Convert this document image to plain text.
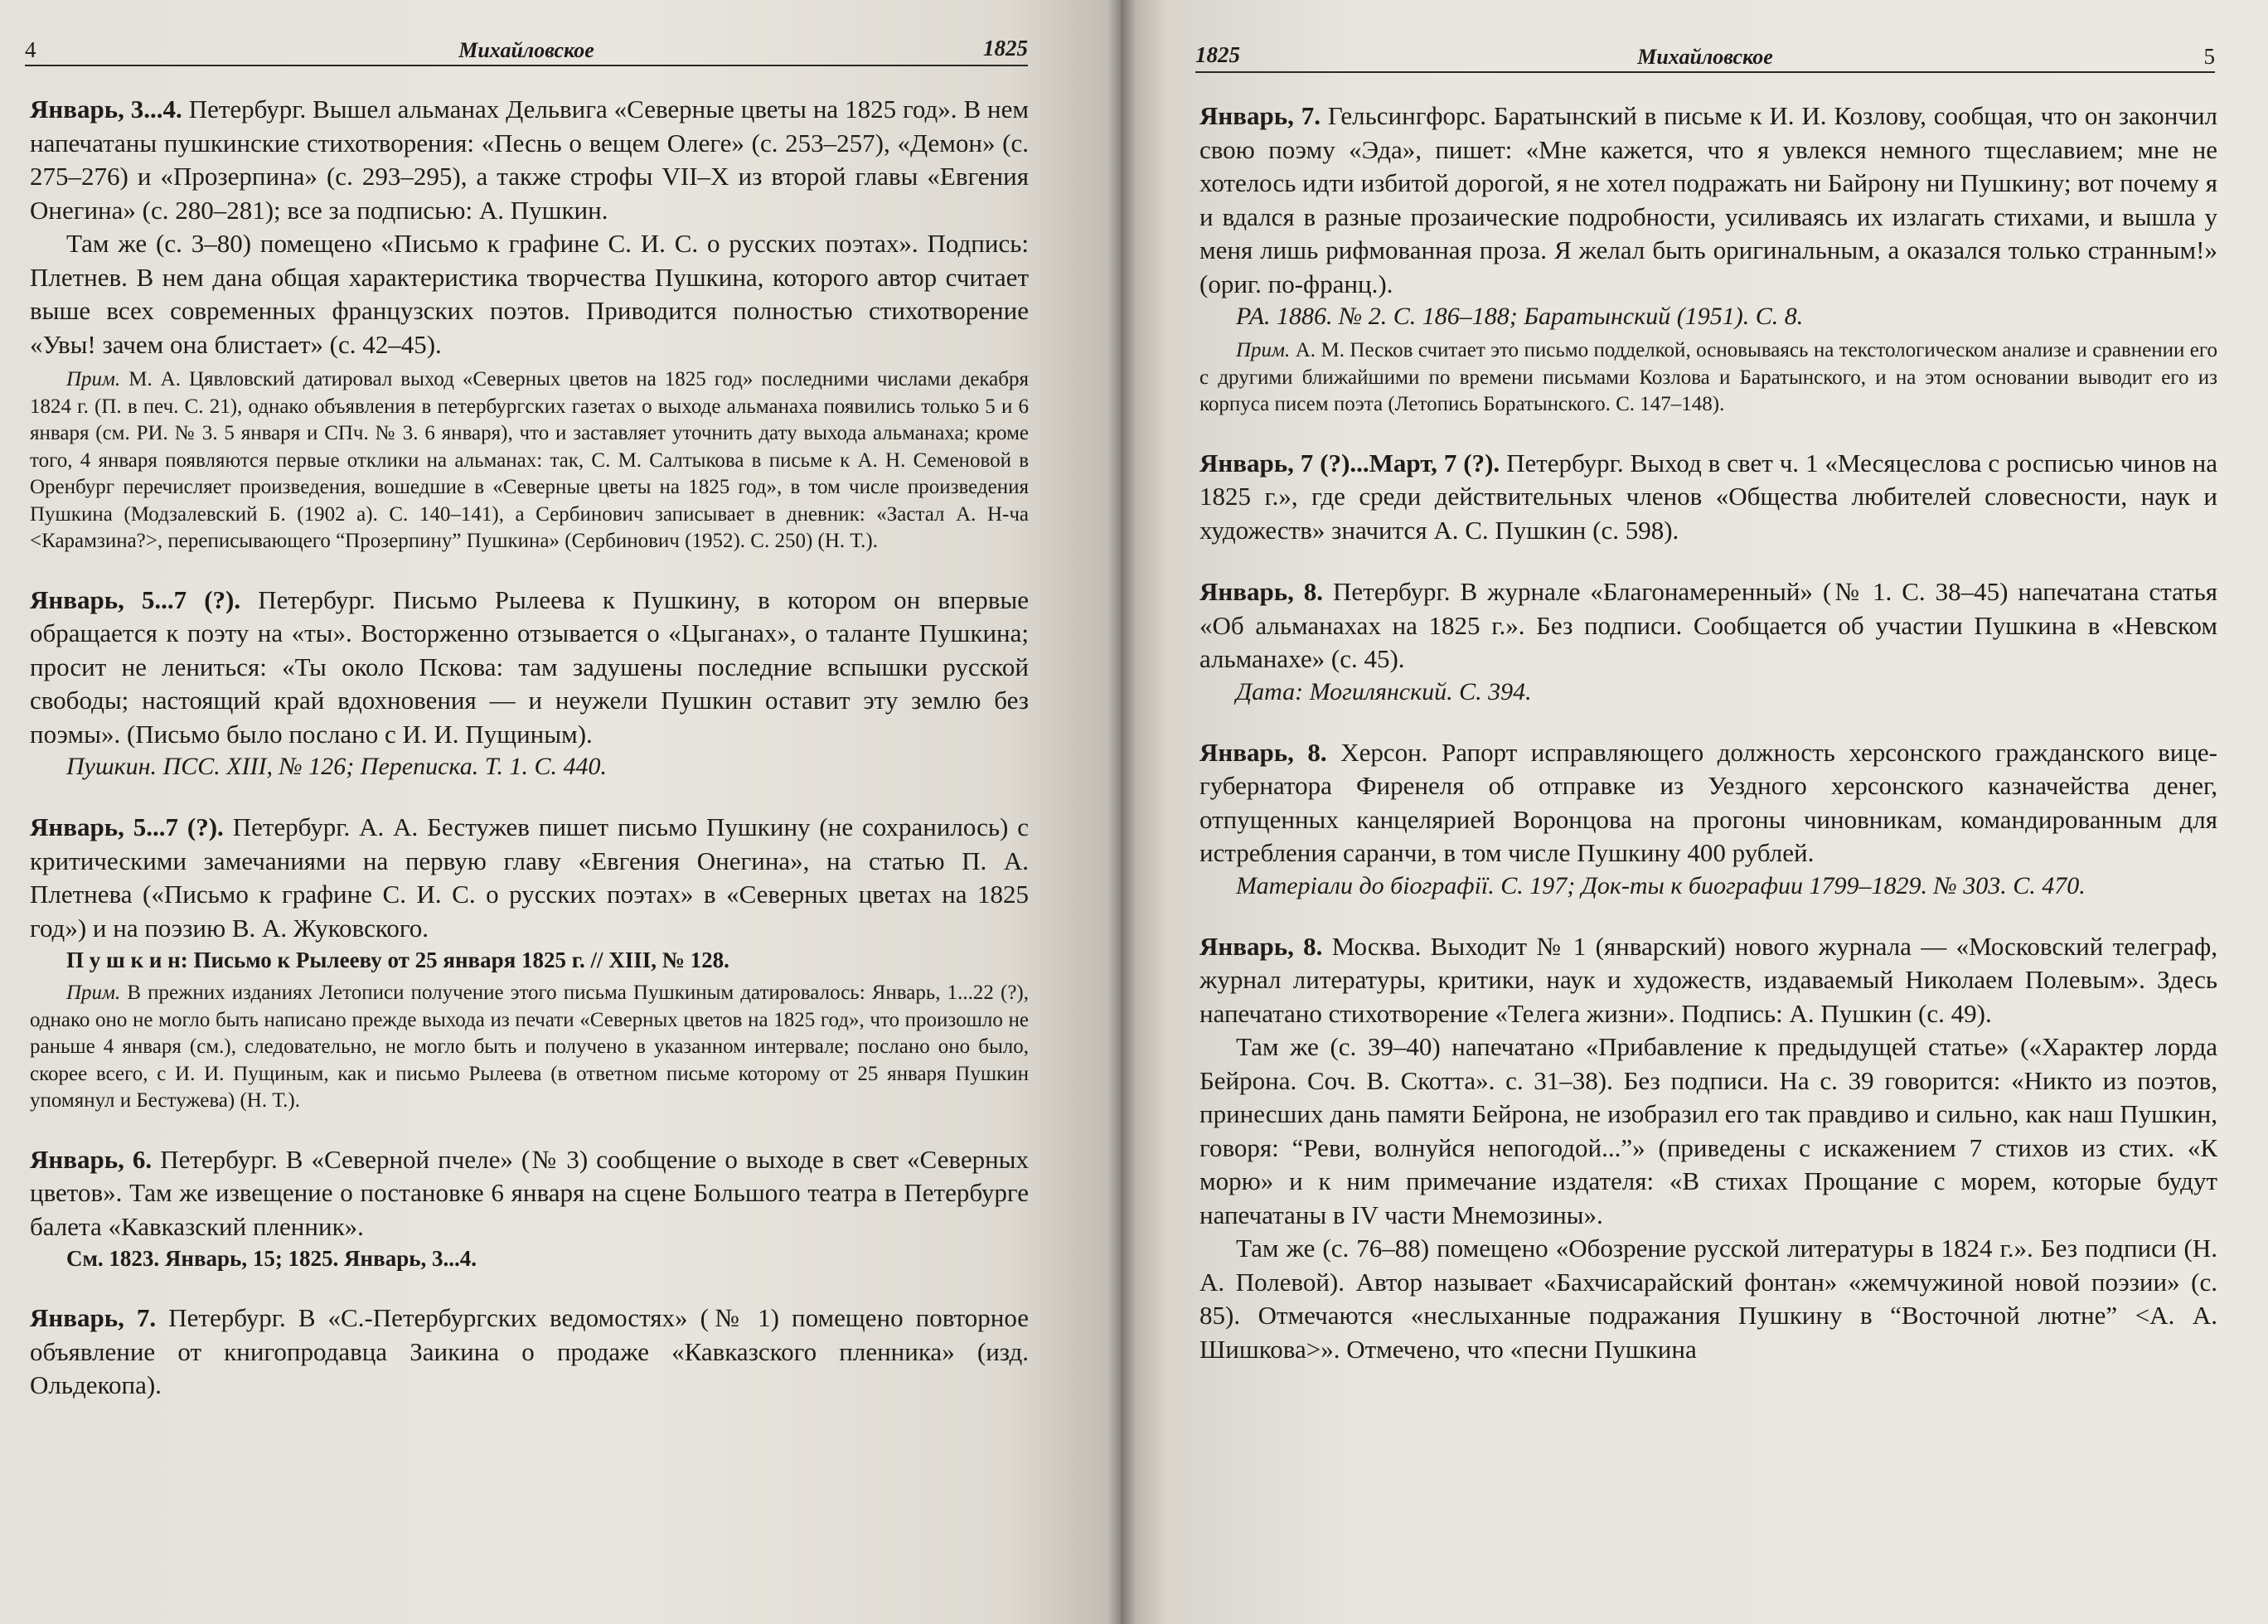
4	Михайловское	1825

Январь, 3...4. Петербург. Вышел альманах Дельвига «Северные цветы на 1825 год». В нем напечатаны пушкинские стихотворения: «Песнь о вещем Олеге» (с. 253–257), «Демон» (с. 275–276) и «Прозерпина» (с. 293–295), а также строфы VII–X из второй главы «Евгения Онегина» (с. 280–281); все за подписью: А. Пушкин.

Там же (с. 3–80) помещено «Письмо к графине С. И. С. о русских поэтах». Подпись: Плетнев. В нем дана общая характеристика творчества Пушкина, которого автор считает выше всех современных французских поэтов. Приводится полностью стихотворение «Увы! зачем она блистает» (с. 42–45).

Прим. М. А. Цявловский датировал выход «Северных цветов на 1825 год» последними числами декабря 1824 г. (П. в печ. С. 21), однако объявления в петербургских газетах о выходе альманаха появились только 5 и 6 января (см. РИ. № 3. 5 января и СПч. № 3. 6 января), что и заставляет уточнить дату выхода альманаха; кроме того, 4 января появляются первые отклики на альманах: так, С. М. Салтыкова в письме к А. Н. Семеновой в Оренбург перечисляет произведения, вошедшие в «Северные цветы на 1825 год», в том числе произведения Пушкина (Модзалевский Б. (1902 а). С. 140–141), а Сербинович записывает в дневник: «Застал А. Н-ча <Карамзина?>, переписывающего “Прозерпину” Пушкина» (Сербинович (1952). С. 250) (Н. Т.).

Январь, 5...7 (?). Петербург. Письмо Рылеева к Пушкину, в котором он впервые обращается к поэту на «ты». Восторженно отзывается о «Цыганах», о таланте Пушкина; просит не лениться: «Ты около Пскова: там задушены последние вспышки русской свободы; настоящий край вдохновения — и неужели Пушкин оставит эту землю без поэмы». (Письмо было послано с И. И. Пущиным).

Пушкин. ПСС. XIII, № 126; Переписка. Т. 1. С. 440.

Январь, 5...7 (?). Петербург. А. А. Бестужев пишет письмо Пушкину (не сохранилось) с критическими замечаниями на первую главу «Евгения Онегина», на статью П. А. Плетнева («Письмо к графине С. И. С. о русских поэтах» в «Северных цветах на 1825 год») и на поэзию В. А. Жуковского.

П у ш к и н: Письмо к Рылееву от 25 января 1825 г. // XIII, № 128.

Прим. В прежних изданиях Летописи получение этого письма Пушкиным датировалось: Январь, 1...22 (?), однако оно не могло быть написано прежде выхода из печати «Северных цветов на 1825 год», что произошло не раньше 4 января (см.), следовательно, не могло быть и получено в указанном интервале; послано оно было, скорее всего, с И. И. Пущиным, как и письмо Рылеева (в ответном письме которому от 25 января Пушкин упомянул и Бестужева) (Н. Т.).

Январь, 6. Петербург. В «Северной пчеле» (№ 3) сообщение о выходе в свет «Северных цветов». Там же извещение о постановке 6 января на сцене Большого театра в Петербурге балета «Кавказский пленник».

См. 1823. Январь, 15; 1825. Январь, 3...4.

Январь, 7. Петербург. В «С.-Петербургских ведомостях» (№ 1) помещено повторное объявление от книгопродавца Заикина о продаже «Кавказского пленника» (изд. Ольдекопа).

1825	Михайловское	5

Январь, 7. Гельсингфорс. Баратынский в письме к И. И. Козлову, сообщая, что он закончил свою поэму «Эда», пишет: «Мне кажется, что я увлекся немного тщеславием; мне не хотелось идти избитой дорогой, я не хотел подражать ни Байрону ни Пушкину; вот почему я и вдался в разные прозаические подробности, усиливаясь их излагать стихами, и вышла у меня лишь рифмованная проза. Я желал быть оригинальным, а оказался только странным!» (ориг. по-франц.).

РА. 1886. № 2. С. 186–188; Баратынский (1951). С. 8.

Прим. А. М. Песков считает это письмо подделкой, основываясь на текстологическом анализе и сравнении его с другими ближайшими по времени письмами Козлова и Баратынского, и на этом основании выводит его из корпуса писем поэта (Летопись Боратынского. С. 147–148).

Январь, 7 (?)...Март, 7 (?). Петербург. Выход в свет ч. 1 «Месяцеслова с росписью чинов на 1825 г.», где среди действительных членов «Общества любителей словесности, наук и художеств» значится А. С. Пушкин (с. 598).

Январь, 8. Петербург. В журнале «Благонамеренный» (№ 1. С. 38–45) напечатана статья «Об альманахах на 1825 г.». Без подписи. Сообщается об участии Пушкина в «Невском альманахе» (с. 45).

Дата: Могилянский. С. 394.

Январь, 8. Херсон. Рапорт исправляющего должность херсонского гражданского вице-губернатора Фиренеля об отправке из Уездного херсонского казначейства денег, отпущенных канцелярией Воронцова на прогоны чиновникам, командированным для истребления саранчи, в том числе Пушкину 400 рублей.

Матеріали до біографії. С. 197; Док-ты к биографии 1799–1829. № 303. С. 470.

Январь, 8. Москва. Выходит № 1 (январский) нового журнала — «Московский телеграф, журнал литературы, критики, наук и художеств, издаваемый Николаем Полевым». Здесь напечатано стихотворение «Телега жизни». Подпись: А. Пушкин (с. 49).

Там же (с. 39–40) напечатано «Прибавление к предыдущей статье» («Характер лорда Бейрона. Соч. В. Скотта». с. 31–38). Без подписи. На с. 39 говорится: «Никто из поэтов, принесших дань памяти Бейрона, не изобразил его так правдиво и сильно, как наш Пушкин, говоря: “Реви, волнуйся непогодой...”» (приведены с искажением 7 стихов из стих. «К морю» и к ним примечание издателя: «В стихах Прощание с морем, которые будут напечатаны в IV части Мнемозины».

Там же (с. 76–88) помещено «Обозрение русской литературы в 1824 г.». Без подписи (Н. А. Полевой). Автор называет «Бахчисарайский фонтан» «жемчужиной новой поэзии» (с. 85). Отмечаются «неслыханные подражания Пушкину в “Восточной лютне” <А. А. Шишкова>». Отмечено, что «песни Пушкина
